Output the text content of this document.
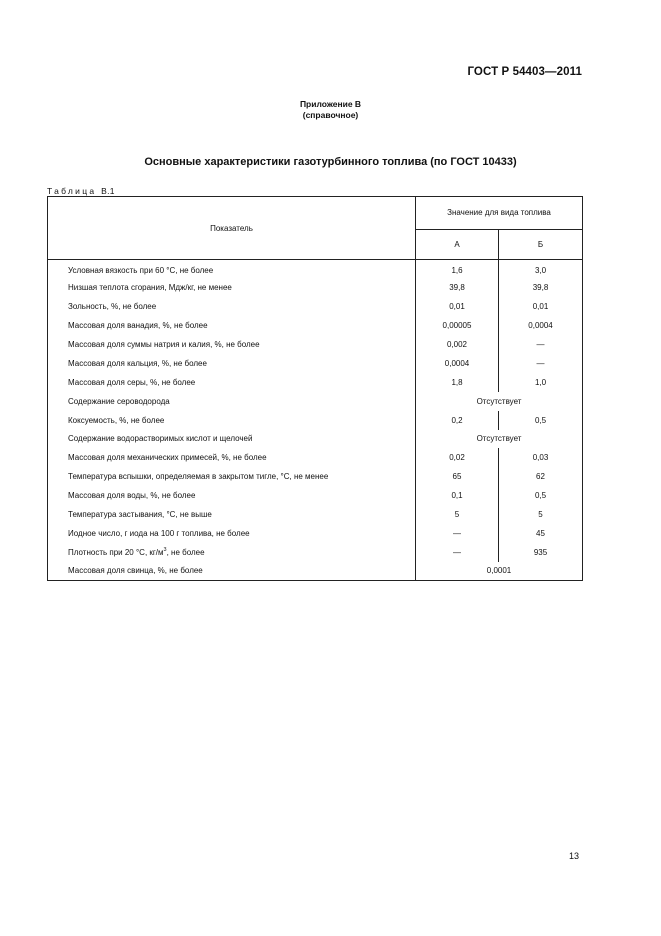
ГОСТ Р 54403—2011
Приложение В
(справочное)
Основные характеристики газотурбинного топлива (по ГОСТ 10433)
Таблица В.1
Показатель	Значение для вида топлива	
	А	Б
Условная вязкость при 60 °С, не более	1,6	3,0
Низшая теплота сгорания, Мдж/кг, не менее	39,8	39,8
Зольность, %, не более	0,01	0,01
Массовая доля ванадия, %, не более	0,00005	0,0004
Массовая доля суммы натрия и калия, %, не более	0,002	—
Массовая доля кальция, %, не более	0,0004	—
Массовая доля серы, %, не более	1,8	1,0
Содержание сероводорода	Отсутствует	
Коксуемость, %, не более	0,2	0,5
Содержание водорастворимых кислот и щелочей	Отсутствует	
Массовая доля механических примесей, %, не более	0,02	0,03
Температура вспышки, определяемая в закрытом тигле, °С, не менее	65	62
Массовая доля воды, %, не более	0,1	0,5
Температура застывания, °С, не выше	5	5
Иодное число, г иода на 100 г топлива, не более	—	45
Плотность при 20 °С, $кг/м^3$, не более	—	935
Массовая доля свинца, %, не более	0,0001	
13
